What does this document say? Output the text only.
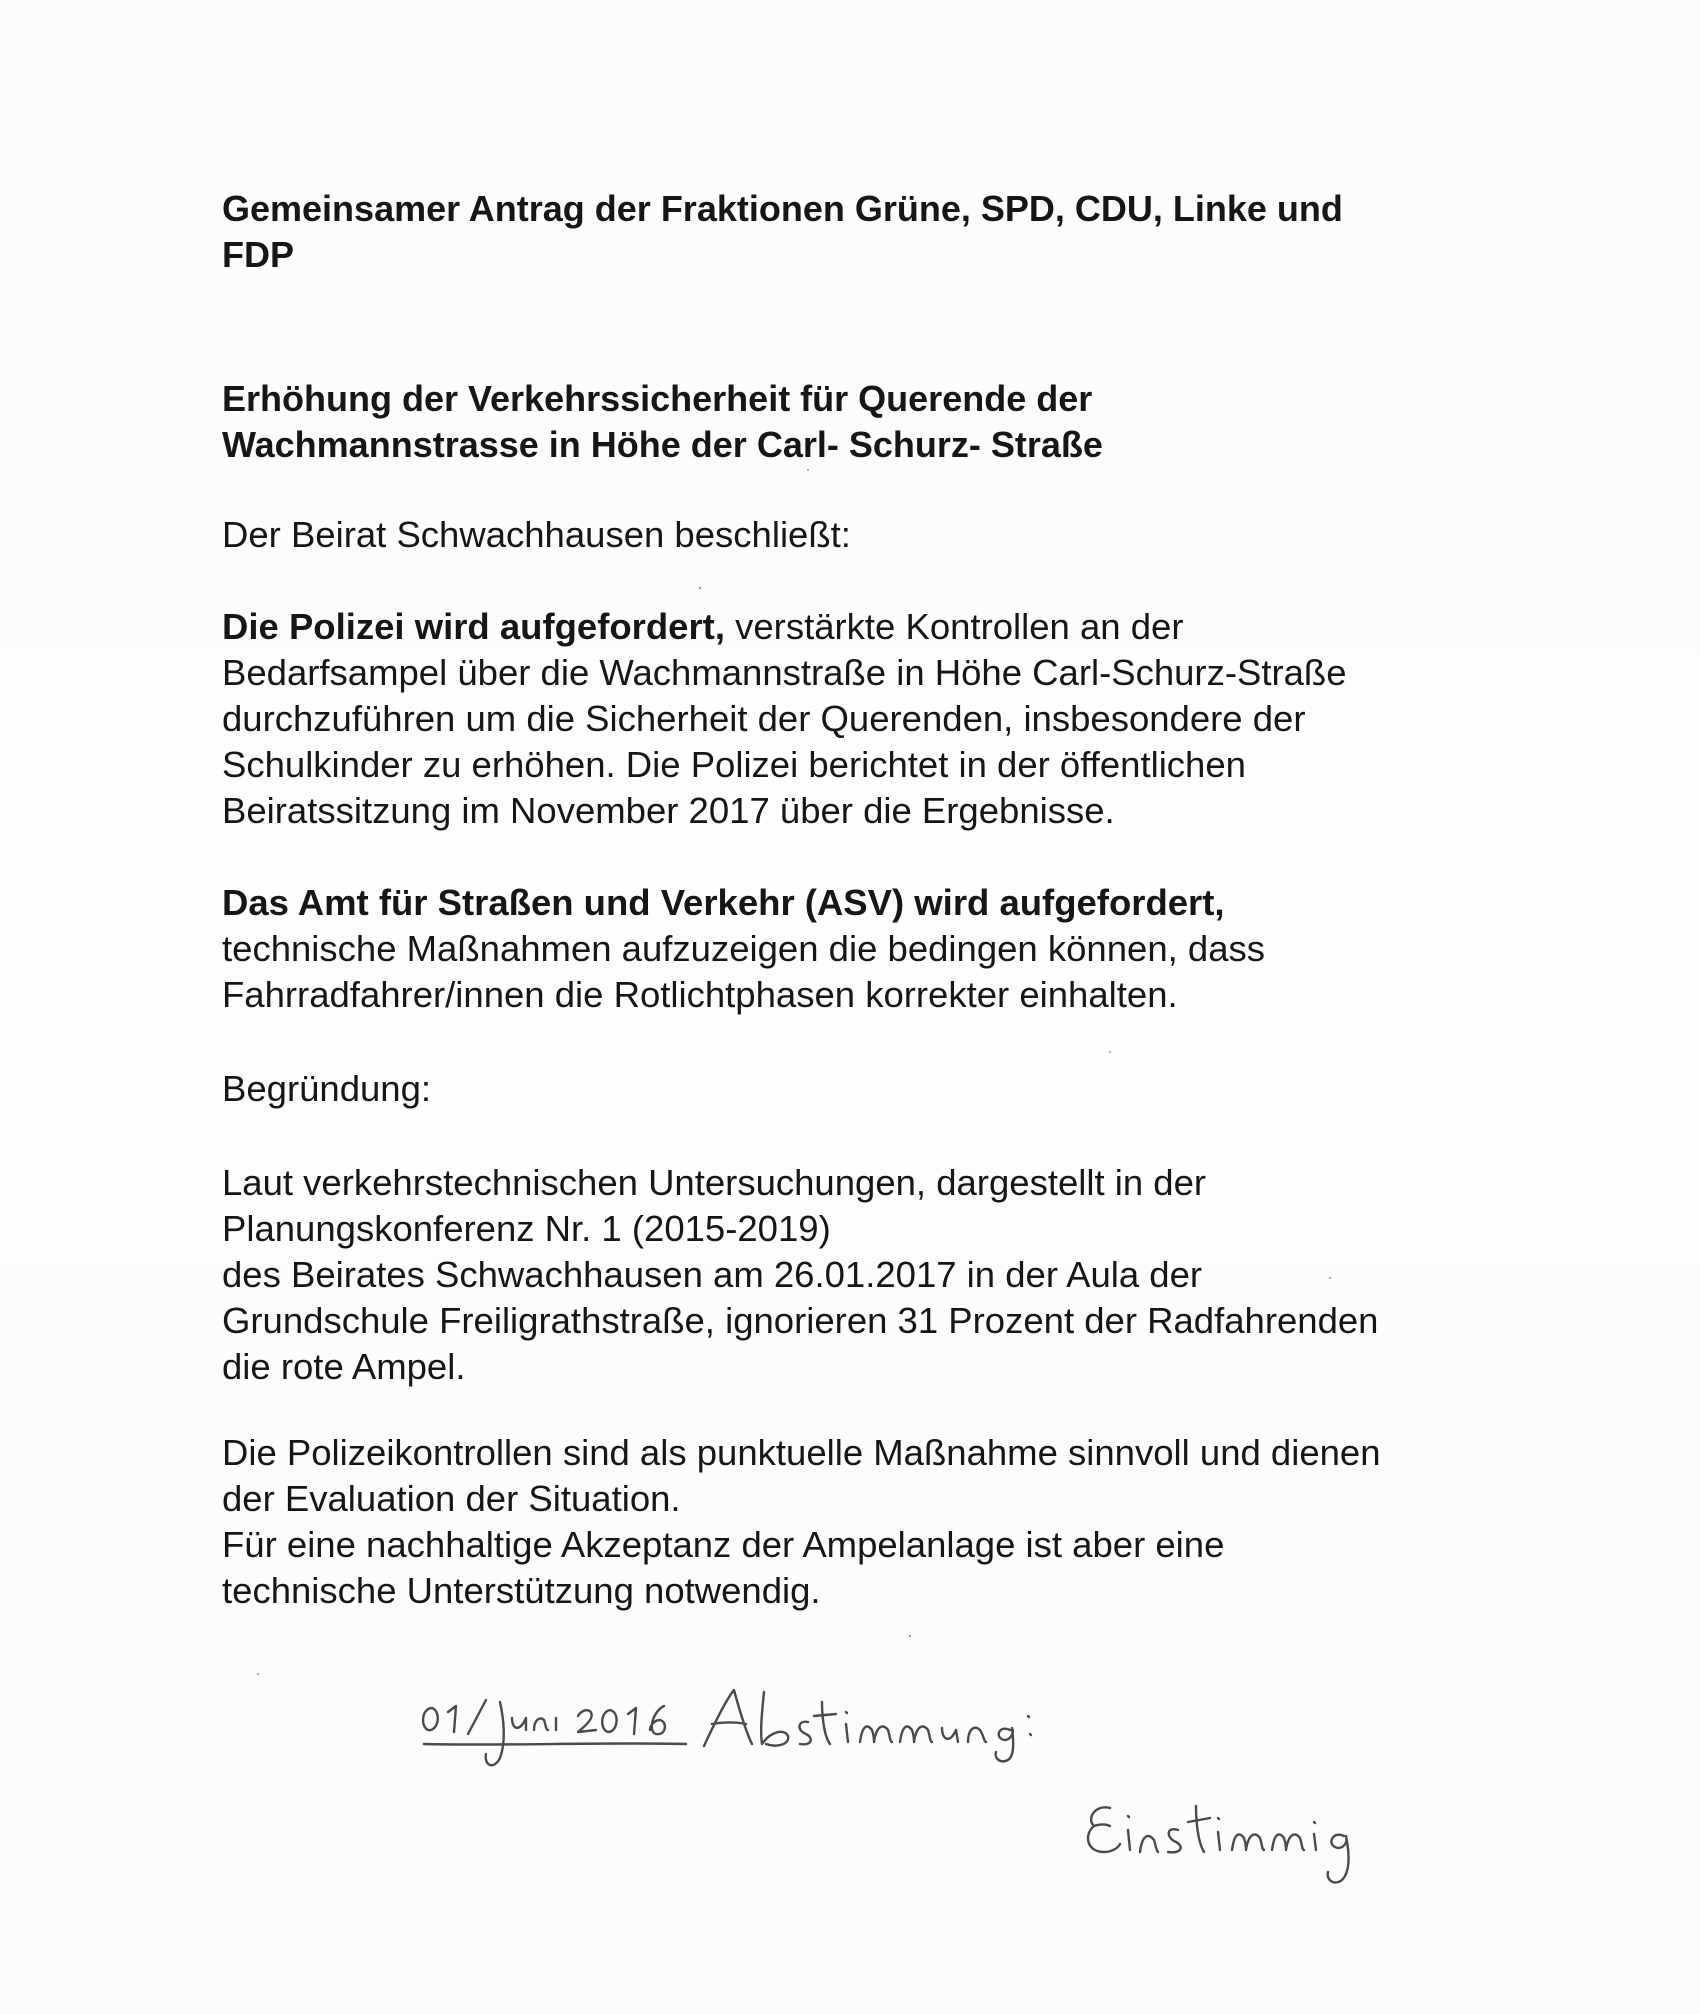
Gemeinsamer Antrag der Fraktionen Grüne, SPD, CDU, Linke und
FDP
Erhöhung der Verkehrssicherheit für Querende der
Wachmannstrasse in Höhe der Carl- Schurz- Straße
Der Beirat Schwachhausen beschließt:
Die Polizei wird aufgefordert, verstärkte Kontrollen an der
Bedarfsampel über die Wachmannstraße in Höhe Carl-Schurz-Straße
durchzuführen um die Sicherheit der Querenden, insbesondere der
Schulkinder zu erhöhen. Die Polizei berichtet in der öffentlichen
Beiratssitzung im November 2017 über die Ergebnisse.
Das Amt für Straßen und Verkehr (ASV) wird aufgefordert,
technische Maßnahmen aufzuzeigen die bedingen können, dass
Fahrradfahrer/innen die Rotlichtphasen korrekter einhalten.
Begründung:
Laut verkehrstechnischen Untersuchungen, dargestellt in der
Planungskonferenz Nr. 1 (2015-2019)
des Beirates Schwachhausen am 26.01.2017 in der Aula der
Grundschule Freiligrathstraße, ignorieren 31 Prozent der Radfahrenden
die rote Ampel.
Die Polizeikontrollen sind als punktuelle Maßnahme sinnvoll und dienen
der Evaluation der Situation.
Für eine nachhaltige Akzeptanz der Ampelanlage ist aber eine
technische Unterstützung notwendig.
